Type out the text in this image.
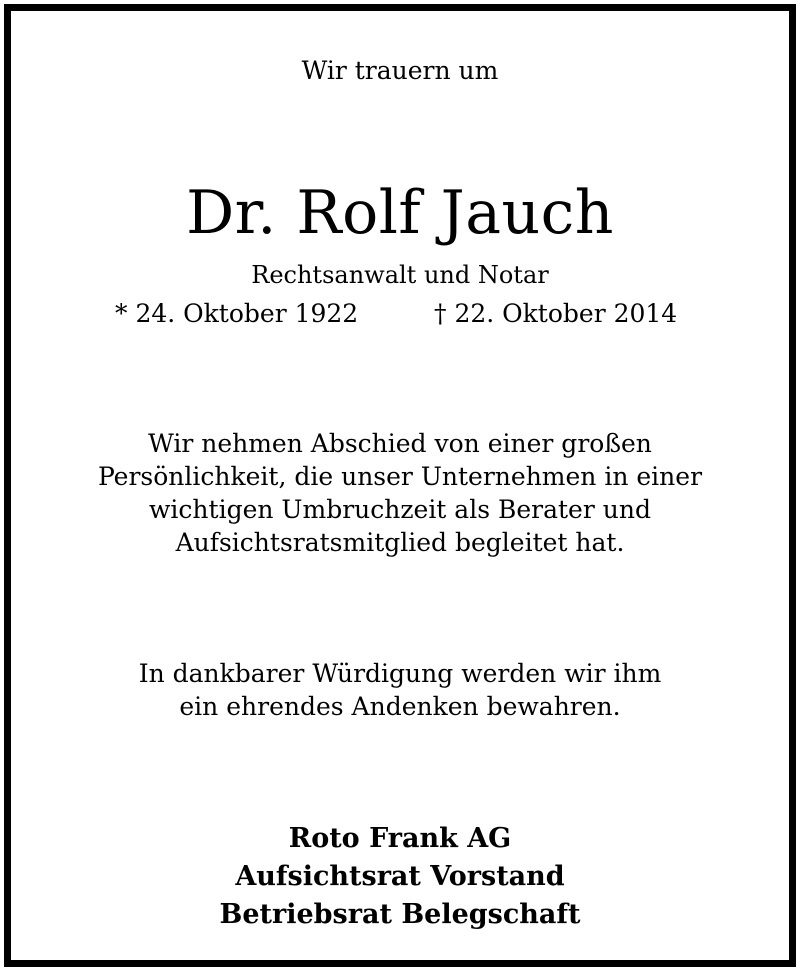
Wir trauern um

Dr. Rolf Jauch

Rechtsanwalt und Notar

* 24. Oktober 1922	† 22. Oktober 2014

Wir nehmen Abschied von einer großen

Persönlichkeit, die unser Unternehmen in einer

wichtigen Umbruchzeit als Berater und

Aufsichtsratsmitglied begleitet hat.

In dankbarer Würdigung werden wir ihm

ein ehrendes Andenken bewahren.

Roto Frank AG

Aufsichtsrat Vorstand

Betriebsrat Belegschaft
